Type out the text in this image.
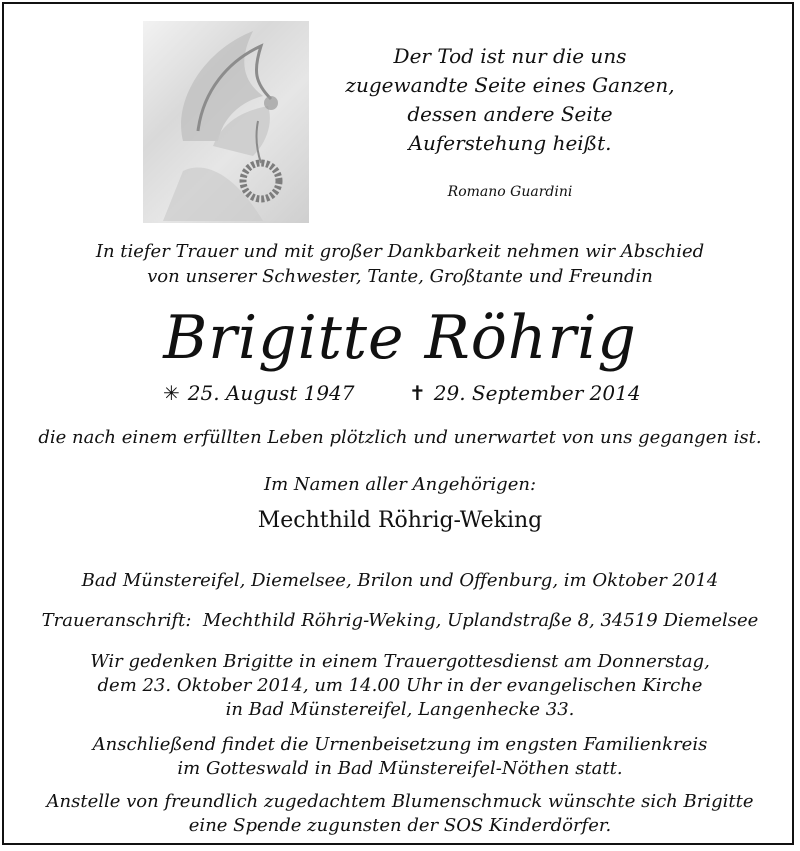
Der Tod ist nur die uns
zugewandte Seite eines Ganzen,
dessen andere Seite
Auferstehung heißt.
Romano Guardini
In tiefer Trauer und mit großer Dankbarkeit nehmen wir Abschied
von unserer Schwester, Tante, Großtante und Freundin
Brigitte Röhrig
✳ 25. August 1947	✝ 29. September 2014
die nach einem erfüllten Leben plötzlich und unerwartet von uns gegangen ist.
Im Namen aller Angehörigen:
Mechthild Röhrig-Weking
Bad Münstereifel, Diemelsee, Brilon und Offenburg, im Oktober 2014
Traueranschrift:  Mechthild Röhrig-Weking, Uplandstraße 8, 34519 Diemelsee
Wir gedenken Brigitte in einem Trauergottesdienst am Donnerstag,
dem 23. Oktober 2014, um 14.00 Uhr in der evangelischen Kirche
in Bad Münstereifel, Langenhecke 33.
Anschließend findet die Urnenbeisetzung im engsten Familienkreis
im Gotteswald in Bad Münstereifel-Nöthen statt.
Anstelle von freundlich zugedachtem Blumenschmuck wünschte sich Brigitte
eine Spende zugunsten der SOS Kinderdörfer.
